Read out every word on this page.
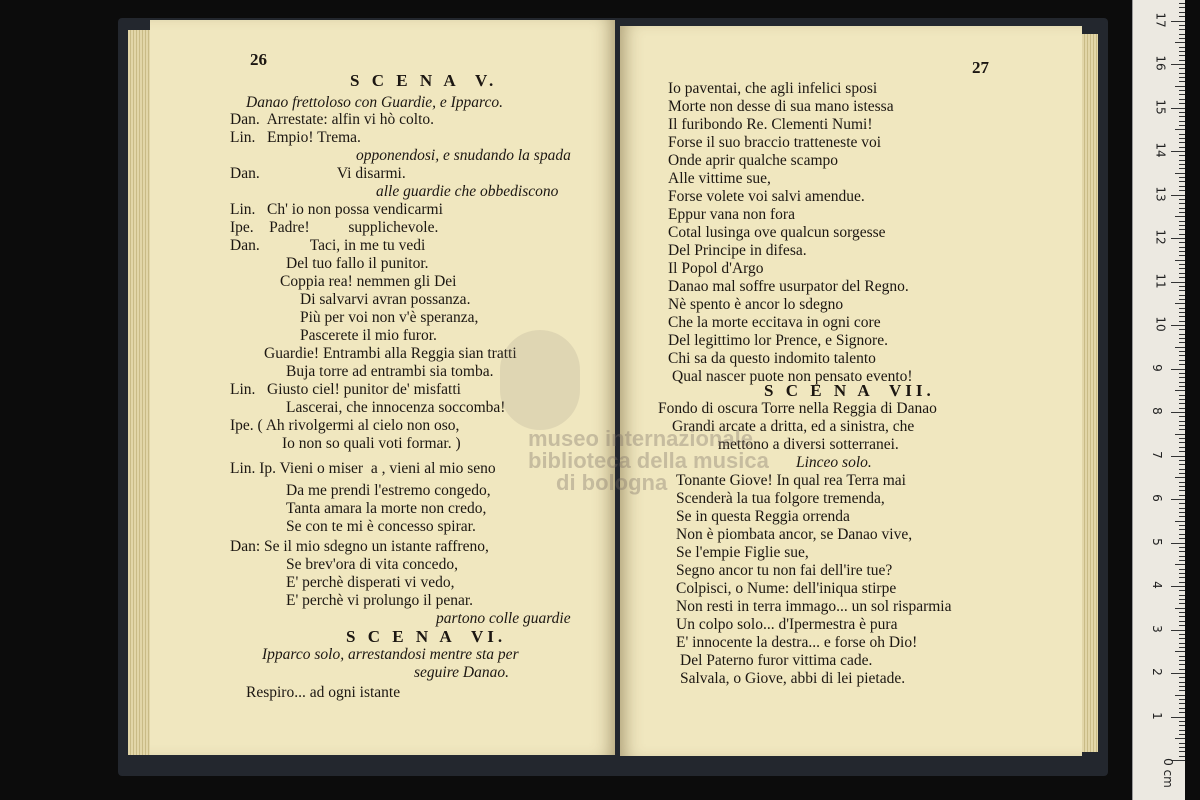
26
S C E N A  V.
Danao frettoloso con Guardie, e Ipparco.
Dan.  Arrestate: alfin vi hò colto.
Lin.   Empio! Trema.
opponendosi, e snudando la spada
Dan.                    Vi disarmi.
alle guardie che obbediscono
Lin.   Ch' io non possa vendicarmi
Ipe.    Padre!          supplichevole.
Dan.             Taci, in me tu vedi
Del tuo fallo il punitor.
Coppia rea! nemmen gli Dei
Di salvarvi avran possanza.
Più per voi non v'è speranza,
Pascerete il mio furor.
Guardie! Entrambi alla Reggia sian tratti
Buja torre ad entrambi sia tomba.
Lin.   Giusto ciel! punitor de' misfatti
Lascerai, che innocenza soccomba!
Ipe. ( Ah rivolgermi al cielo non oso,
Io non so quali voti formar. )
Lin. Ip. Vieni o miser  a , vieni al mio seno
Da me prendi l'estremo congedo,
Tanta amara la morte non credo,
Se con te mi è concesso spirar.
Dan: Se il mio sdegno un istante raffreno,
Se brev'ora di vita concedo,
E' perchè disperati vi vedo,
E' perchè vi prolungo il penar.
partono colle guardie
S C E N A  VI.
Ipparco solo, arrestandosi mentre sta per
seguire Danao.
Respiro... ad ogni istante
27
Io paventai, che agli infelici sposi
Morte non desse di sua mano istessa
Il furibondo Re. Clementi Numi!
Forse il suo braccio tratteneste voi
Onde aprir qualche scampo
Alle vittime sue,
Forse volete voi salvi amendue.
Eppur vana non fora
Cotal lusinga ove qualcun sorgesse
Del Principe in difesa.
Il Popol d'Argo
Danao mal soffre usurpator del Regno.
Nè spento è ancor lo sdegno
Che la morte eccitava in ogni core
Del legittimo lor Prence, e Signore.
Chi sa da questo indomito talento
Qual nascer puote non pensato evento!
S C E N A  VII.
Fondo di oscura Torre nella Reggia di Danao
Grandi arcate a dritta, ed a sinistra, che
mettono a diversi sotterranei.
Linceo solo.
Tonante Giove! In qual rea Terra mai
Scenderà la tua folgore tremenda,
Se in questa Reggia orrenda
Non è piombata ancor, se Danao vive,
Se l'empie Figlie sue,
Segno ancor tu non fai dell'ire tue?
Colpisci, o Nume: dell'iniqua stirpe
Non resti in terra immago... un sol risparmia
Un colpo solo... d'Ipermestra è pura
E' innocente la destra... e forse oh Dio!
Del Paterno furor vittima cade.
Salvala, o Giove, abbi di lei pietade.
museo internazionale
biblioteca della musica
di bologna
0 cm
1
2
3
4
5
6
7
8
9
10
11
12
13
14
15
16
17
